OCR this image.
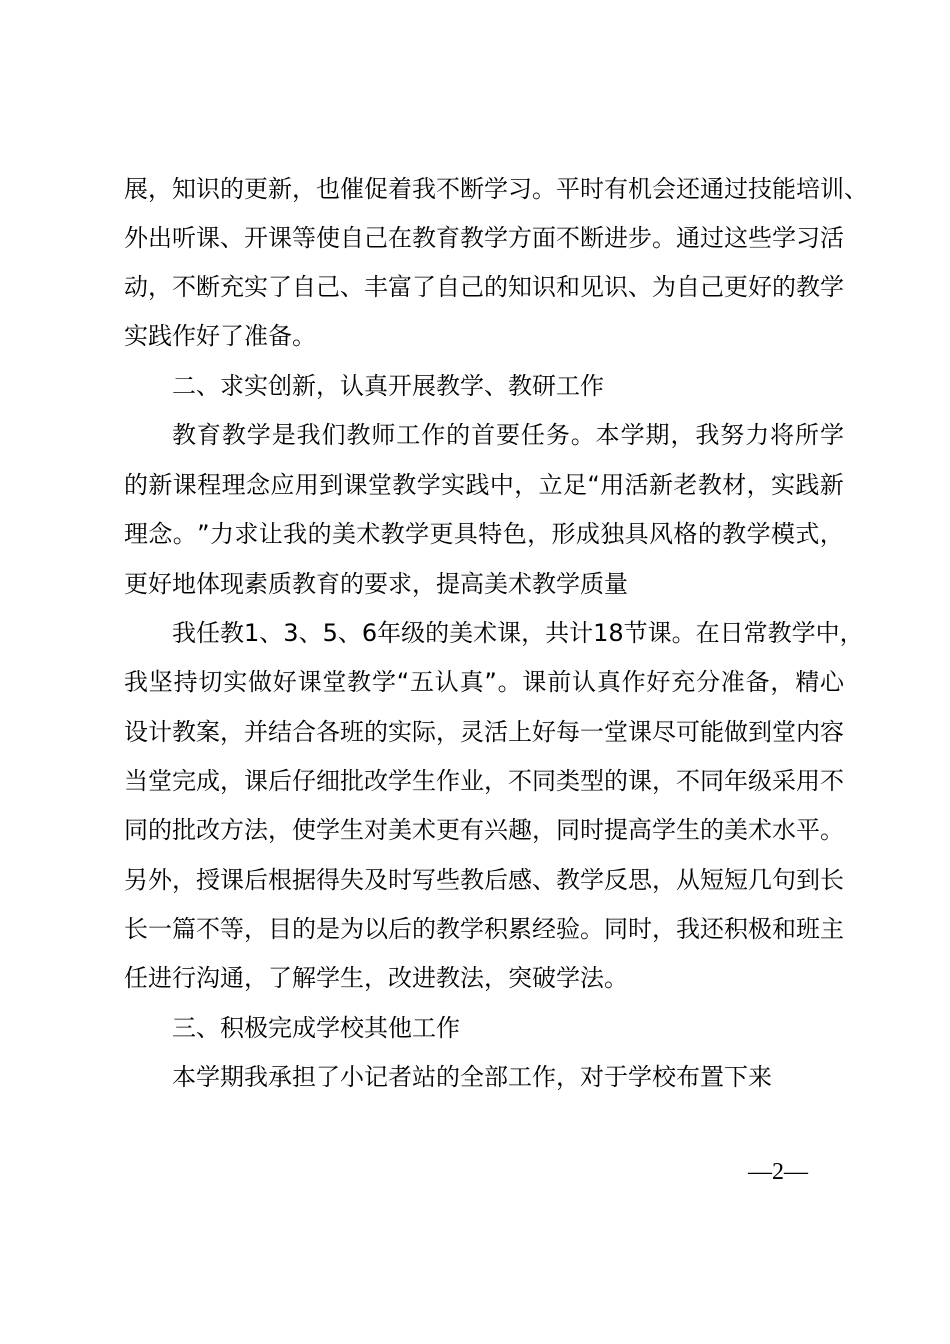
展 ， 知 识 的 更 新 ， 也 催 促 着 我 不 断 学 习 。 平 时 有 机 会 还 通 过 技 能 培 训 、
外 出 听 课 、 开 课 等 使 自 己 在 教 育 教 学 方 面 不 断 进 步 。 通 过 这 些 学 习 活
动 ， 不 断 充 实 了 自 己 、 丰 富 了 自 己 的 知 识 和 见 识 、 为 自 己 更 好 的 教 学
实践作好了准备。
二、求实创新，认真开展教学、教研工作
教 育 教 学 是 我 们 教 师 工 作 的 首 要 任 务 。 本 学 期 ， 我 努 力 将 所 学
的 新 课 程 理 念 应 用 到 课 堂 教 学 实 践 中 ， 立 足 “ 用 活 新 老 教 材 ， 实 践 新
理 念 。 ” 力 求 让 我 的 美 术 教 学 更 具 特 色 ， 形 成 独 具 风 格 的 教 学 模 式 ，
更好地体现素质教育的要求，提高美术教学质量
我 任 教 1 、 3 、 5 、 6 年 级 的 美 术 课 ， 共 计 18 节 课 。 在 日 常 教 学 中 ，
我 坚 持 切 实 做 好 课 堂 教 学 “ 五 认 真 ” 。 课 前 认 真 作 好 充 分 准 备 ， 精 心
设 计 教 案 ， 并 结 合 各 班 的 实 际 ， 灵 活 上 好 每 一 堂 课 尽 可 能 做 到 堂 内 容
当 堂 完 成 ， 课 后 仔 细 批 改 学 生 作 业 ， 不 同 类 型 的 课 ， 不 同 年 级 采 用 不
同 的 批 改 方 法 ， 使 学 生 对 美 术 更 有 兴 趣 ， 同 时 提 高 学 生 的 美 术 水 平 。
另 外 ， 授 课 后 根 据 得 失 及 时 写 些 教 后 感 、 教 学 反 思 ， 从 短 短 几 句 到 长
长 一 篇 不 等 ， 目 的 是 为 以 后 的 教 学 积 累 经 验 。 同 时 ， 我 还 积 极 和 班 主
任进行沟通，了解学生，改进教法，突破学法。
三、积极完成学校其他工作
本学期我承担了小记者站的全部工作，对于学校布置下来
—2—
